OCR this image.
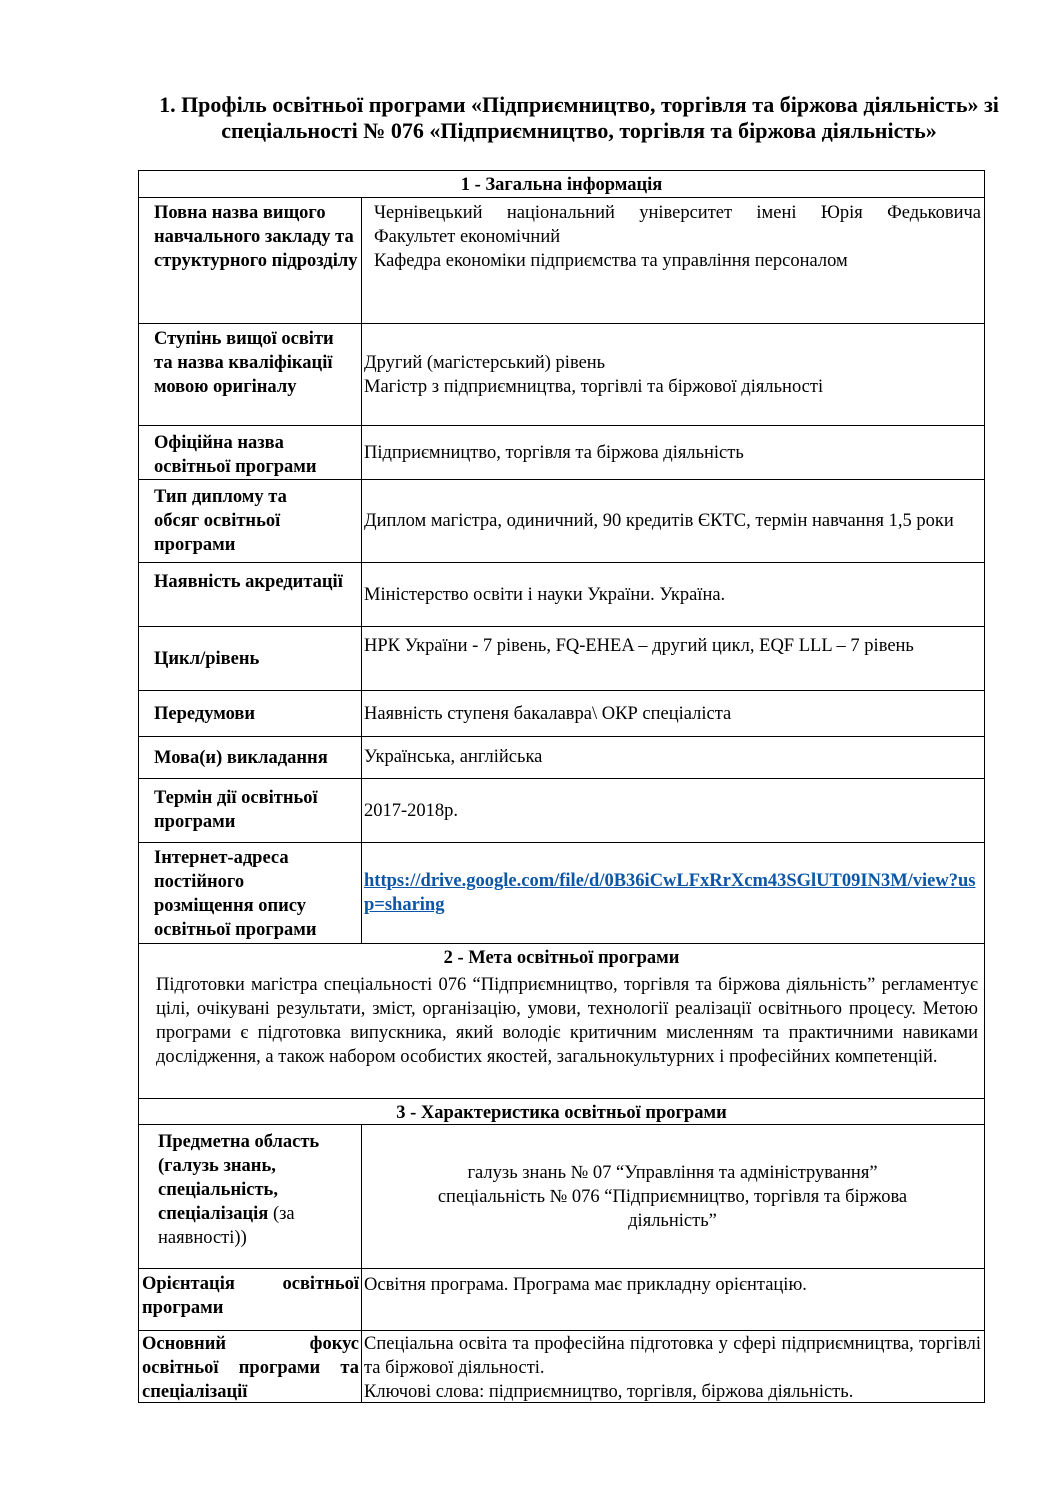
1. Профіль освітньої програми «Підприємництво, торгівля та біржова діяльність» зі спеціальності № 076 «Підприємництво, торгівля та біржова діяльність»
1 - Загальна інформація
Повна назва вищого навчального закладу та структурного підрозділу
Чернівецький національний університет імені Юрія Федьковича
Факультет економічний
Кафедра економіки підприємства та управління персоналом
Ступінь вищої освіти та назва кваліфікації мовою оригіналу
Другий (магістерський) рівень
Магістр з підприємництва, торгівлі та біржової діяльності
Офіційна назва освітньої програми
Підприємництво, торгівля та біржова діяльність
Тип диплому та обсяг освітньої програми
Диплом магістра, одиничний, 90 кредитів ЄКТС, термін навчання 1,5 роки
Наявність акредитації
Міністерство освіти і науки України. Україна.
Цикл/рівень
НРК України - 7 рівень, FQ-EHEA – другий цикл, EQF LLL – 7 рівень
Передумови	Наявність ступеня бакалавра\ ОКР спеціаліста
Мова(и) викладання	Українська, англійська
Термін дії освітньої програми
2017-2018р.
Інтернет-адреса постійного розміщення опису освітньої програми
https://drive.google.com/file/d/0B36iCwLFxRrXcm43SGlUT09IN3M/view?usp=sharing
2 - Мета освітньої програми
Підготовки магістра спеціальності 076 “Підприємництво, торгівля та біржова діяльність” регламентує цілі, очікувані результати, зміст, організацію, умови, технології реалізації освітнього процесу. Метою програми є підготовка випускника, який володіє критичним мисленням та практичними навиками дослідження, а також набором особистих якостей, загальнокультурних і професійних компетенцій.
3 - Характеристика освітньої програми
Предметна область (галузь знань, спеціальність, спеціалізація (за наявності))
галузь знань № 07 “Управління та адміністрування”
спеціальність № 076 “Підприємництво, торгівля та біржова діяльність”
Орієнтація освітньої програми
Освітня програма. Програма має прикладну орієнтацію.
Основний фокус освітньої програми та спеціалізації
Спеціальна освіта та професійна підготовка у сфері підприємництва, торгівлі та біржової діяльності.
Ключові слова: підприємництво, торгівля, біржова діяльність.
